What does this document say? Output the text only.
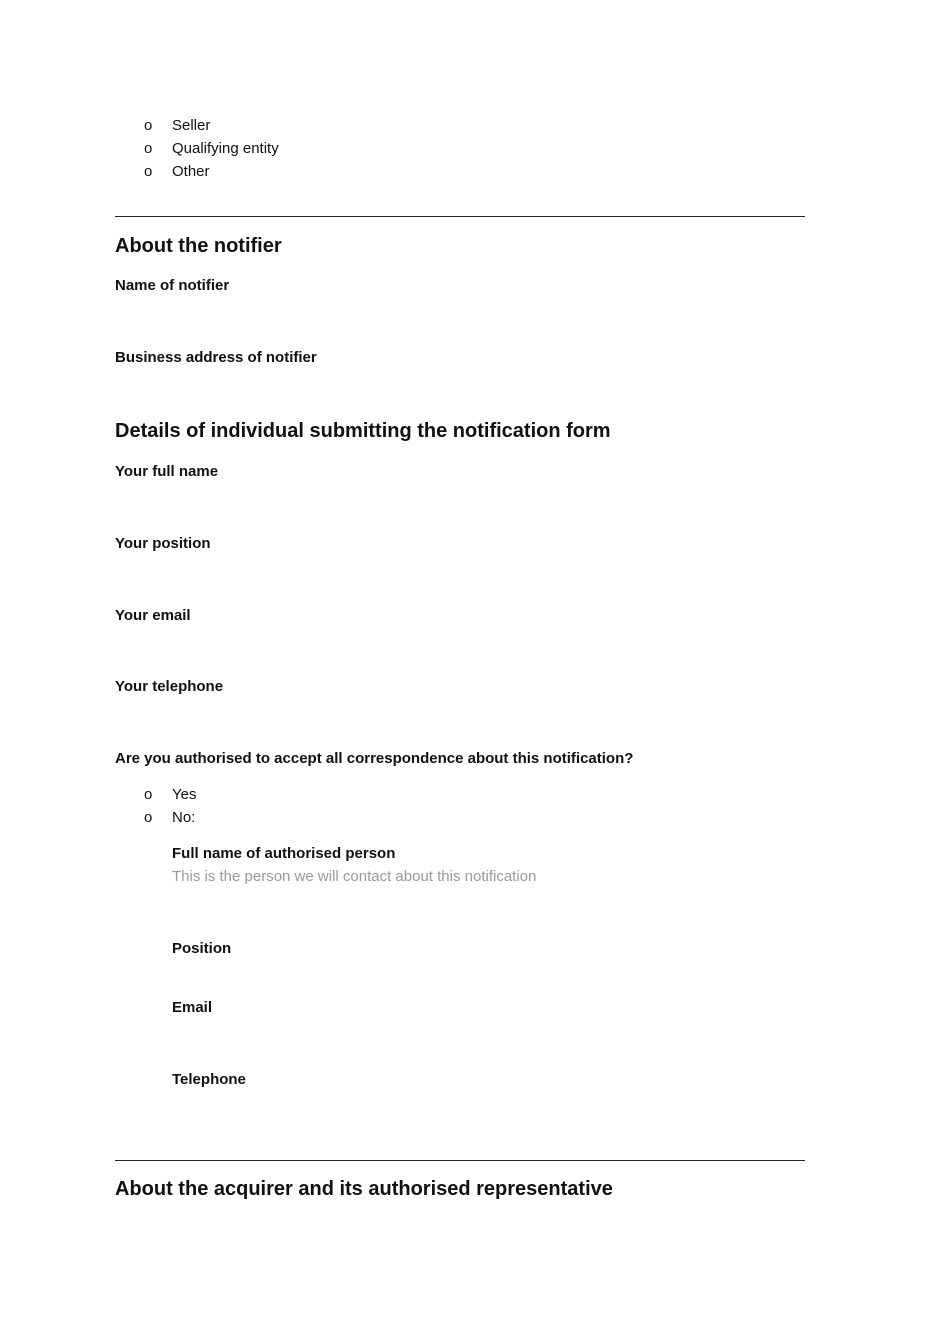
o Seller
o Qualifying entity
o Other
About the notifier
Name of notifier
Business address of notifier
Details of individual submitting the notification form
Your full name
Your position
Your email
Your telephone
Are you authorised to accept all correspondence about this notification?
o Yes
o No:
Full name of authorised person
This is the person we will contact about this notification
Position
Email
Telephone
About the acquirer and its authorised representative
